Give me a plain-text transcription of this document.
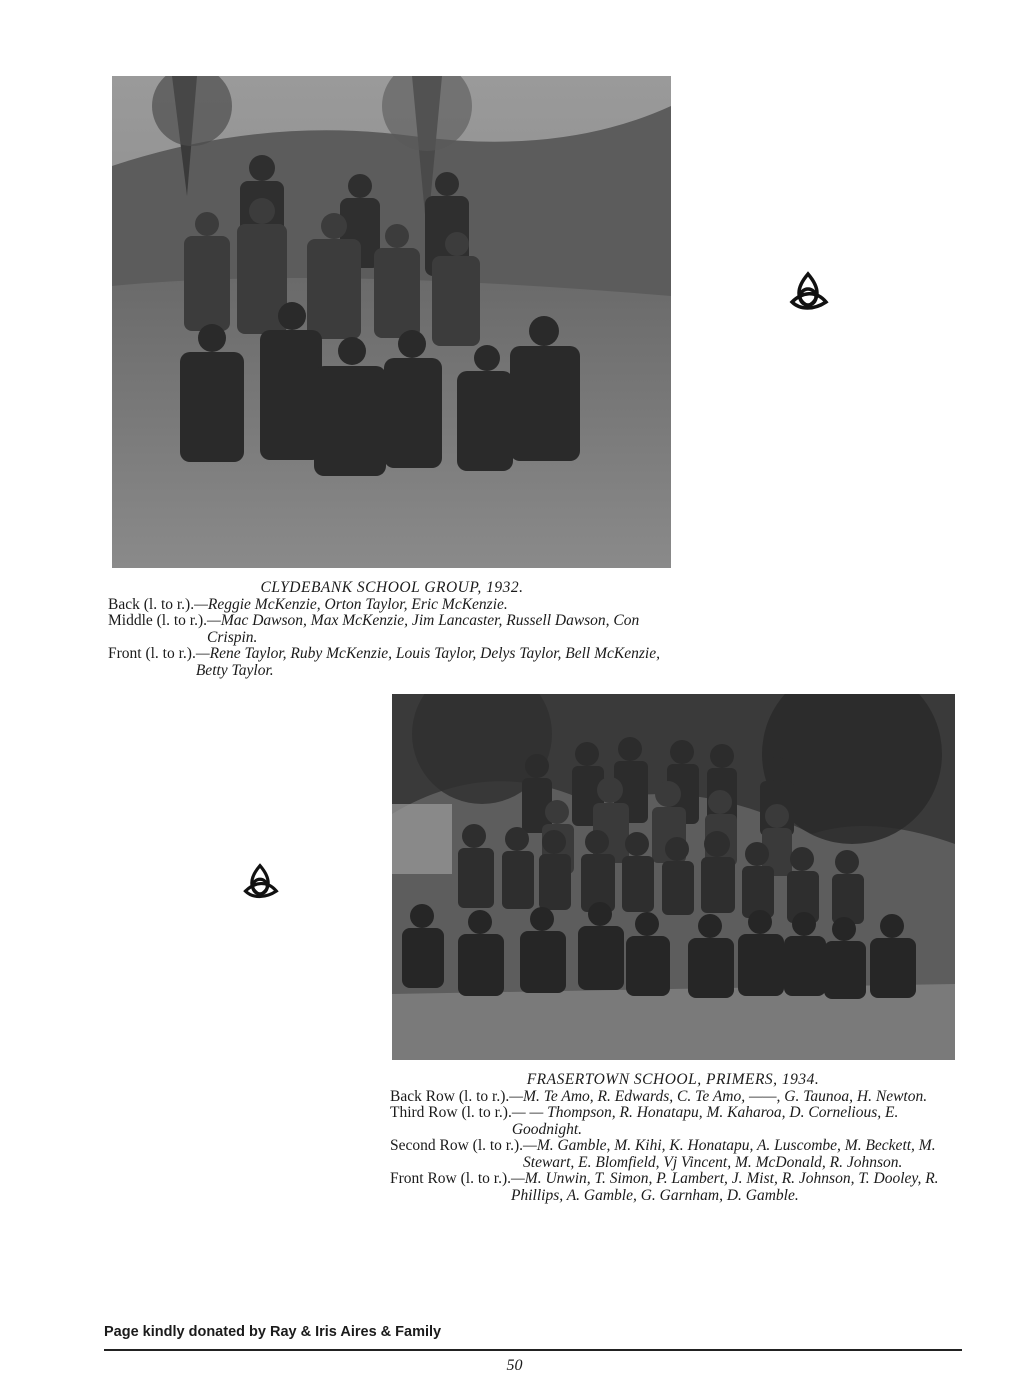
CLYDEBANK SCHOOL GROUP, 1932.
Back (l. to r.). —Reggie McKenzie, Orton Taylor, Eric McKenzie.
Middle (l. to r.). —Mac Dawson, Max McKenzie, Jim Lancaster, Russell Dawson, Con Crispin.
Front (l. to r.). —Rene Taylor, Ruby McKenzie, Louis Taylor, Delys Taylor, Bell McKenzie, Betty Taylor.
FRASERTOWN SCHOOL, PRIMERS, 1934.
Back Row (l. to r.). —M. Te Amo, R. Edwards, C. Te Amo, ——, G. Taunoa, H. Newton.
Third Row (l. to r.). — — Thompson, R. Honatapu, M. Kaharoa, D. Cornelious, E. Goodnight.
Second Row (l. to r.). —M. Gamble, M. Kihi, K. Honatapu, A. Luscombe, M. Beckett, M. Stewart, E. Blomfield, Vj Vincent, M. McDonald, R. Johnson.
Front Row (l. to r.). —M. Unwin, T. Simon, P. Lambert, J. Mist, R. Johnson, T. Dooley, R. Phillips, A. Gamble, G. Garnham, D. Gamble.
Page kindly donated by Ray & Iris Aires & Family
50
